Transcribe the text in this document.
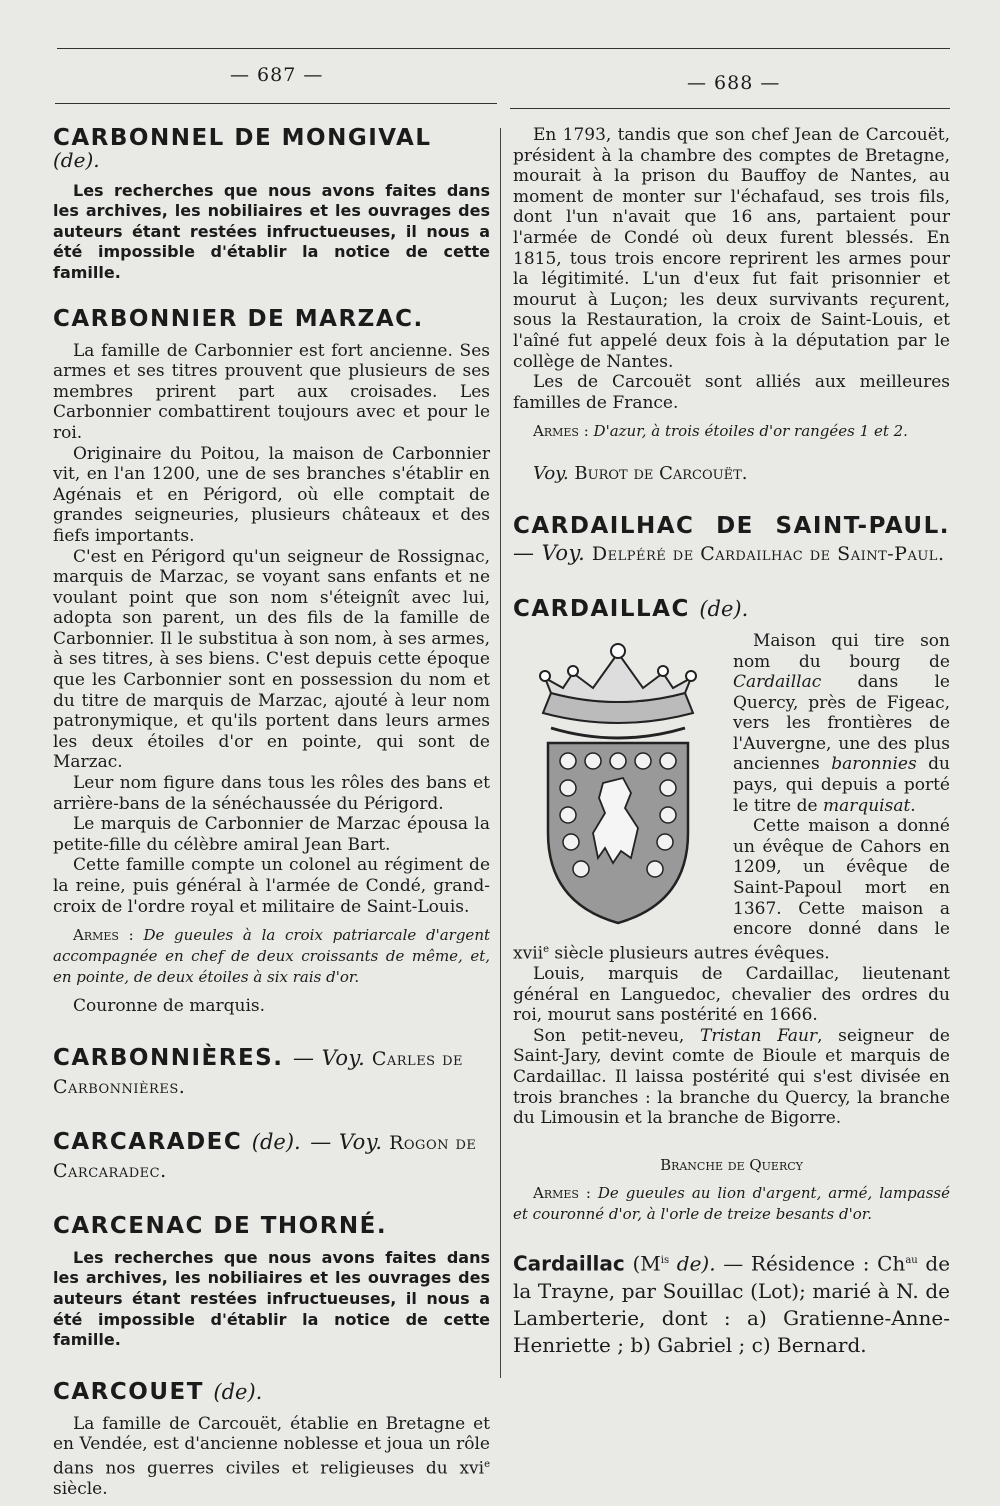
— 687 —	— 688 —
CARBONNEL DE MONGIVAL
(de).

Les recherches que nous avons faites dans les archives, les nobiliaires et les ouvrages des auteurs étant restées infructueuses, il nous a été impossible d'établir la notice de cette famille.

CARBONNIER DE MARZAC.

La famille de Carbonnier est fort ancienne. Ses armes et ses titres prouvent que plusieurs de ses membres prirent part aux croisades. Les Carbonnier combattirent toujours avec et pour le roi.

Originaire du Poitou, la maison de Carbonnier vit, en l'an 1200, une de ses branches s'établir en Agénais et en Périgord, où elle comptait de grandes seigneuries, plusieurs châteaux et des fiefs importants.

C'est en Périgord qu'un seigneur de Rossignac, marquis de Marzac, se voyant sans enfants et ne voulant point que son nom s'éteignît avec lui, adopta son parent, un des fils de la famille de Carbonnier. Il le substitua à son nom, à ses armes, à ses titres, à ses biens. C'est depuis cette époque que les Carbonnier sont en possession du nom et du titre de marquis de Marzac, ajouté à leur nom patronymique, et qu'ils portent dans leurs armes les deux étoiles d'or en pointe, qui sont de Marzac.

Leur nom figure dans tous les rôles des bans et arrière-bans de la sénéchaussée du Périgord.

Le marquis de Carbonnier de Marzac épousa la petite-fille du célèbre amiral Jean Bart.

Cette famille compte un colonel au régiment de la reine, puis général à l'armée de Condé, grand-croix de l'ordre royal et militaire de Saint-Louis.

Armes : De gueules à la croix patriarcale d'argent accompagnée en chef de deux croissants de même, et, en pointe, de deux étoiles à six rais d'or.

Couronne de marquis.

CARBONNIÈRES. — Voy. Carles de Carbonnières.
CARCARADEC (de). — Voy. Rogon de Carcaradec.
CARCENAC DE THORNÉ.

Les recherches que nous avons faites dans les archives, les nobiliaires et les ouvrages des auteurs étant restées infructueuses, il nous a été impossible d'établir la notice de cette famille.

CARCOUET (de).

La famille de Carcouët, établie en Bretagne et en Vendée, est d'ancienne noblesse et joua un rôle dans nos guerres civiles et religieuses du xvi$^e$ siècle.

En 1793, tandis que son chef Jean de Carcouët, président à la chambre des comptes de Bretagne, mourait à la prison du Bauffoy de Nantes, au moment de monter sur l'échafaud, ses trois fils, dont l'un n'avait que 16 ans, partaient pour l'armée de Condé où deux furent blessés. En 1815, tous trois encore reprirent les armes pour la légitimité. L'un d'eux fut fait prisonnier et mourut à Luçon; les deux survivants reçurent, sous la Restauration, la croix de Saint-Louis, et l'aîné fut appelé deux fois à la députation par le collège de Nantes.

Les de Carcouët sont alliés aux meilleures familles de France.

Armes : D'azur, à trois étoiles d'or rangées 1 et 2.

Voy. Burot de Carcouët.

CARDAILHAC DE SAINT-PAUL. — Voy. Delpéré de Cardailhac de Saint-Paul.
CARDAILLAC (de).

Maison qui tire son nom du bourg de Cardaillac dans le Quercy, près de Figeac, vers les frontières de l'Auvergne, une des plus anciennes baronnies du pays, qui depuis a porté le titre de marquisat.

Cette maison a donné un évêque de Cahors en 1209, un évêque de Saint-Papoul mort en 1367. Cette maison a encore donné dans le xvii$^e$ siècle plusieurs autres évêques.

Louis, marquis de Cardaillac, lieutenant général en Languedoc, chevalier des ordres du roi, mourut sans postérité en 1666.

Son petit-neveu, Tristan Faur, seigneur de Saint-Jary, devint comte de Bioule et marquis de Cardaillac. Il laissa postérité qui s'est divisée en trois branches : la branche du Quercy, la branche du Limousin et la branche de Bigorre.

Branche de Quercy

Armes : De gueules au lion d'argent, armé, lampassé et couronné d'or, à l'orle de treize besants d'or.

Cardaillac ($M^{is}$ de). — Résidence : $Ch^{au}$ de la Trayne, par Souillac (Lot); marié à N. de Lamberterie, dont : a) Gratienne-Anne-Henriette ; b) Gabriel ; c) Bernard.
